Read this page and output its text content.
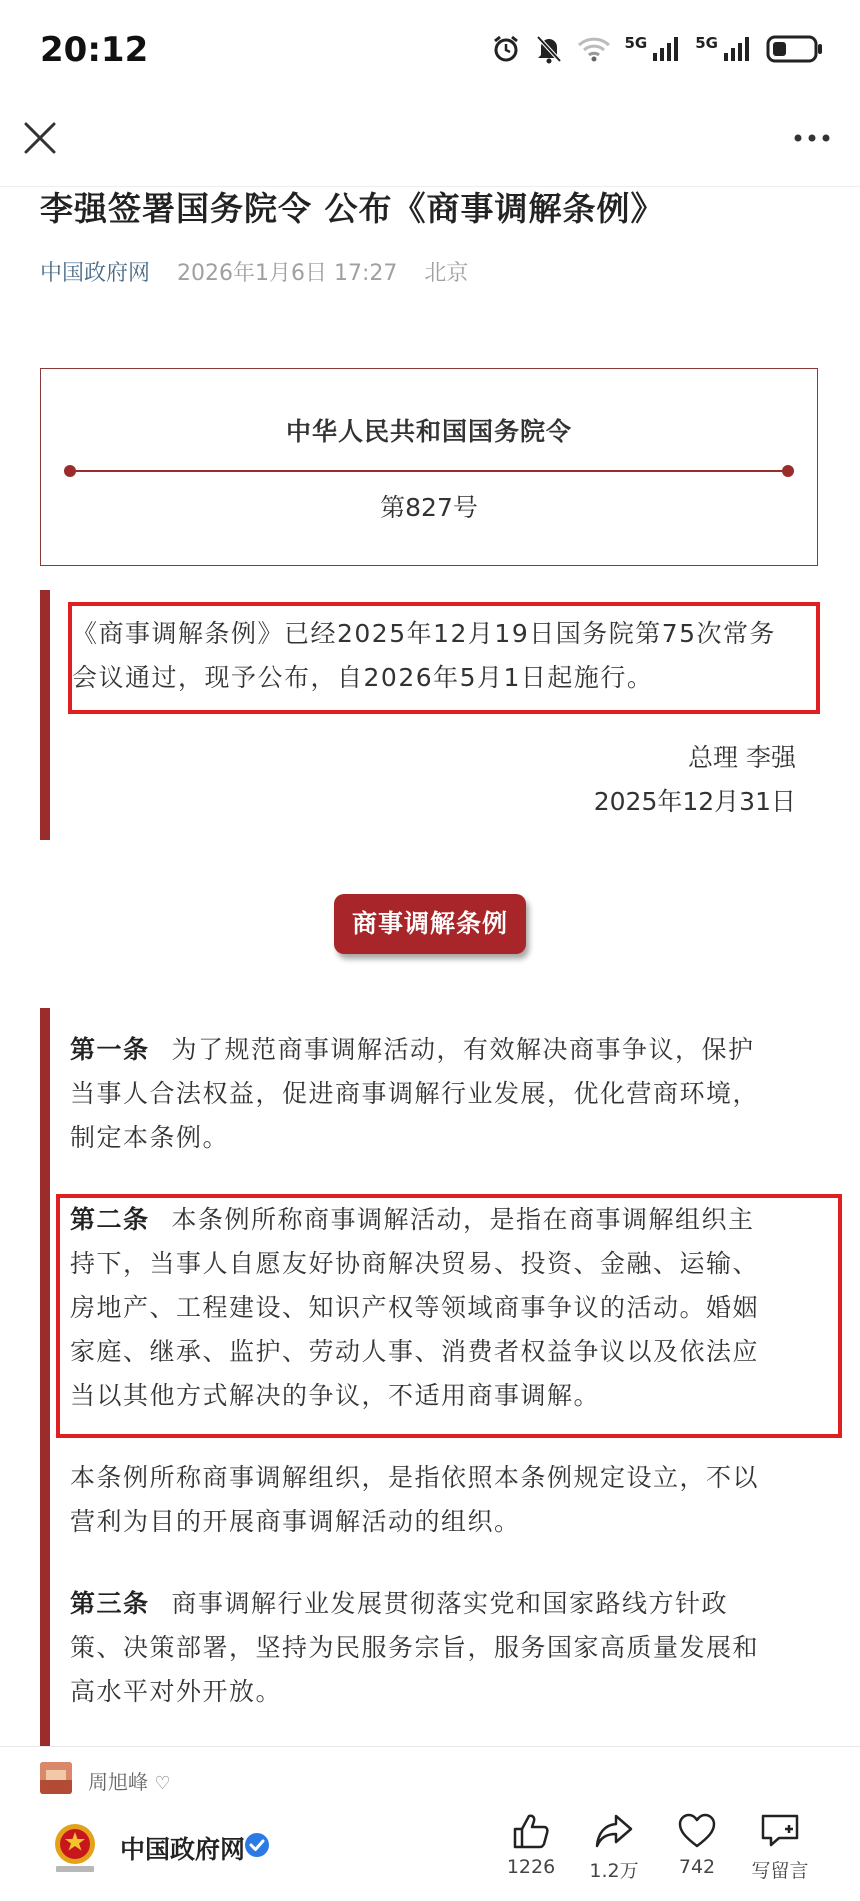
20:12	5G	5G
李强签署国务院令 公布《商事调解条例》
中国政府网 2026年1月6日 17:27 北京
中华人民共和国国务院令
第827号
《商事调解条例》已经2025年12月19日国务院第75次常务
会议通过，现予公布，自2026年5月1日起施行。
总理 李强
2025年12月31日
商事调解条例
第一条 为了规范商事调解活动，有效解决商事争议，保护
当事人合法权益，促进商事调解行业发展，优化营商环境，
制定本条例。
第二条 本条例所称商事调解活动，是指在商事调解组织主
持下，当事人自愿友好协商解决贸易、投资、金融、运输、
房地产、工程建设、知识产权等领域商事争议的活动。婚姻
家庭、继承、监护、劳动人事、消费者权益争议以及依法应
当以其他方式解决的争议，不适用商事调解。
本条例所称商事调解组织，是指依照本条例规定设立，不以
营利为目的开展商事调解活动的组织。
第三条 商事调解行业发展贯彻落实党和国家路线方针政
策、决策部署，坚持为民服务宗旨，服务国家高质量发展和
高水平对外开放。
周旭峰 ♡
中国政府网
1226	1.2万	742	写留言
